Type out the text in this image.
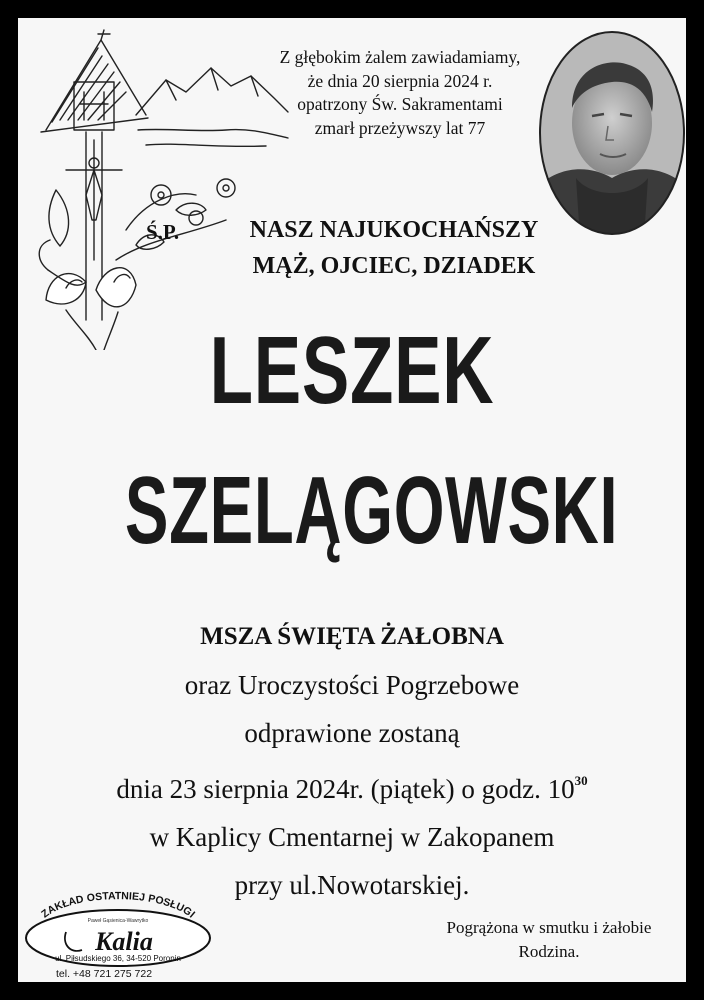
Z głębokim żalem zawiadamiamy,
że dnia 20 sierpnia 2024 r.
opatrzony Św. Sakramentami
zmarł przeżywszy lat 77
Ś.P.	NASZ NAJUKOCHAŃSZY
MĄŻ, OJCIEC, DZIADEK
LESZEK
SZELĄGOWSKI
MSZA ŚWIĘTA ŻAŁOBNA
oraz Uroczystości Pogrzebowe
odprawione zostaną
dnia 23 sierpnia 2024r. (piątek) o godz. $10^{30}$
w Kaplicy Cmentarnej w Zakopanem
przy ul.Nowotarskiej.
Pogrążona w smutku i żałobie
Rodzina.
ZAKŁAD OSTATNIEJ POSŁUGI
Paweł Gąsienica-Wawrytko
Kalia
ul. Piłsudskiego 36, 34-520 Poronin
tel. +48 721 275 722
